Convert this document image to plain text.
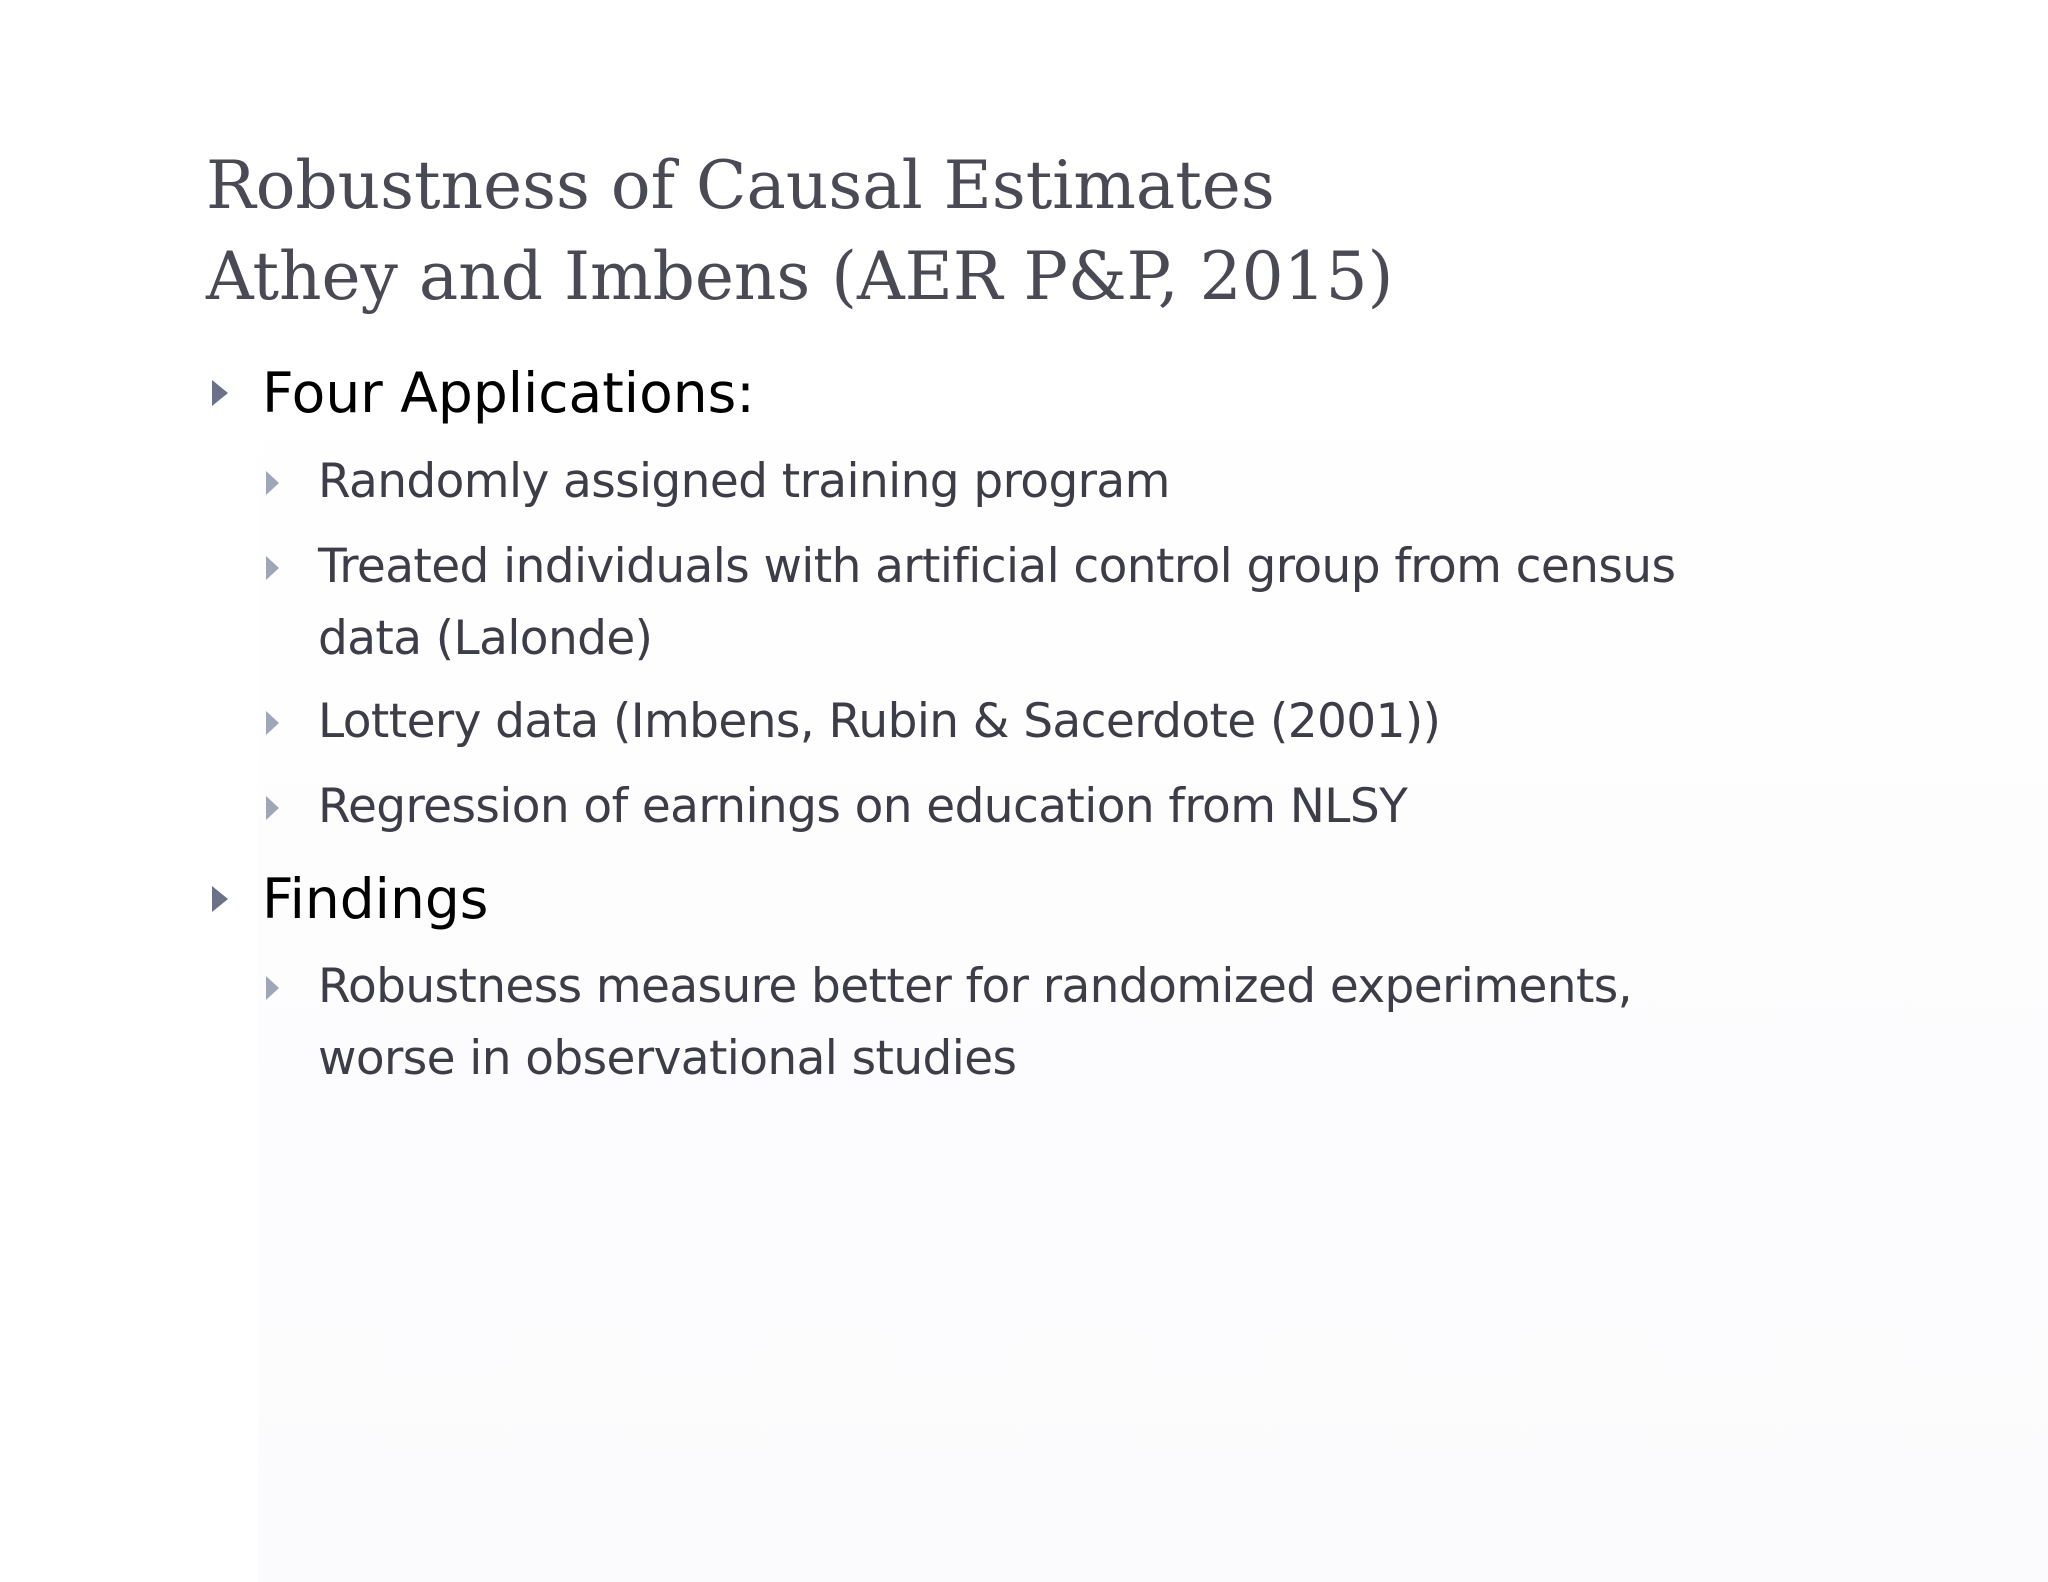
Robustness of Causal Estimates
Athey and Imbens (AER P&P, 2015)
Four Applications:
Randomly assigned training program
Treated individuals with artificial control group from census
data (Lalonde)
Lottery data (Imbens, Rubin & Sacerdote (2001))
Regression of earnings on education from NLSY
Findings
Robustness measure better for randomized experiments,
worse in observational studies
